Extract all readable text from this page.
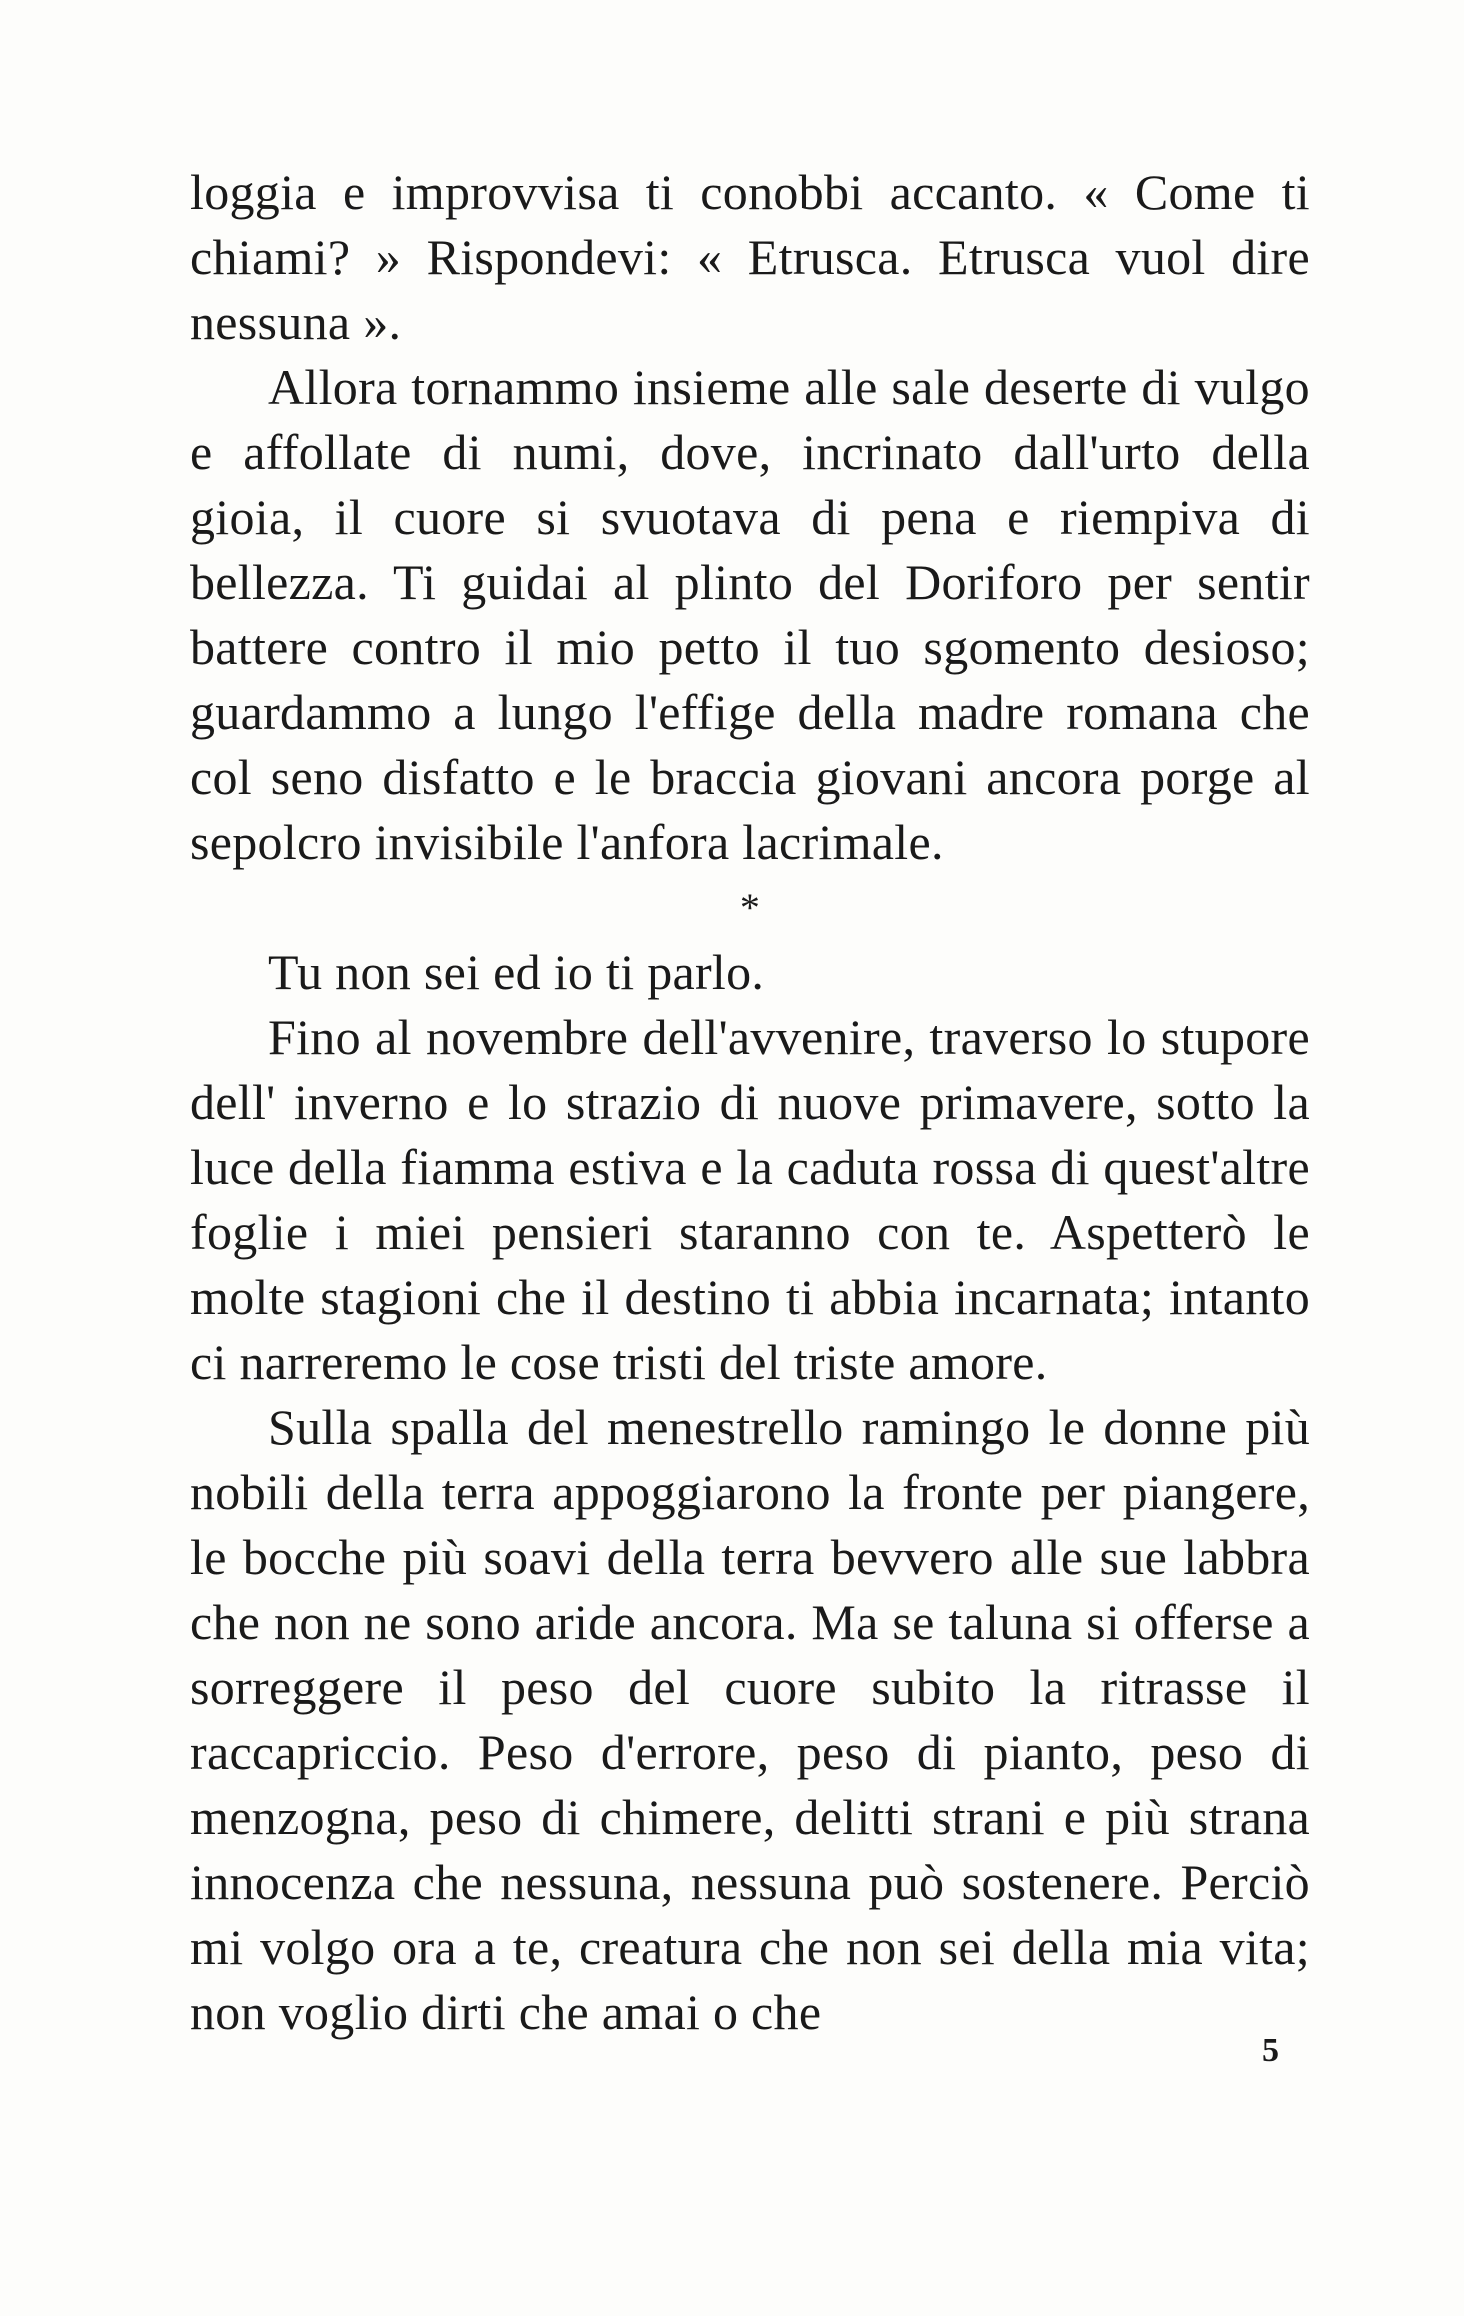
loggia e improvvisa ti conobbi accanto. « Come ti chiami? » Rispondevi: « Etrusca. Etrusca vuol dire nessuna ».

Allora tornammo insieme alle sale deserte di vulgo e affollate di numi, dove, incrinato dall'urto della gioia, il cuore si svuotava di pena e riempiva di bellezza. Ti guidai al plinto del Doriforo per sentir battere contro il mio petto il tuo sgomento desioso; guardammo a lungo l'effige della madre romana che col seno disfatto e le braccia giovani ancora porge al sepolcro invisibile l'anfora lacrimale.

*

Tu non sei ed io ti parlo.

Fino al novembre dell'avvenire, traverso lo stupore dell' inverno e lo strazio di nuove primavere, sotto la luce della fiamma estiva e la caduta rossa di quest'altre foglie i miei pensieri staranno con te. Aspetterò le molte stagioni che il destino ti abbia incarnata; intanto ci narreremo le cose tristi del triste amore.

Sulla spalla del menestrello ramingo le donne più nobili della terra appoggiarono la fronte per piangere, le bocche più soavi della terra bevvero alle sue labbra che non ne sono aride ancora. Ma se taluna si offerse a sorreggere il peso del cuore subito la ritrasse il raccapriccio. Peso d'errore, peso di pianto, peso di menzogna, peso di chimere, delitti strani e più strana innocenza che nessuna, nessuna può sostenere. Perciò mi volgo ora a te, creatura che non sei della mia vita; non voglio dirti che amai o che

5
